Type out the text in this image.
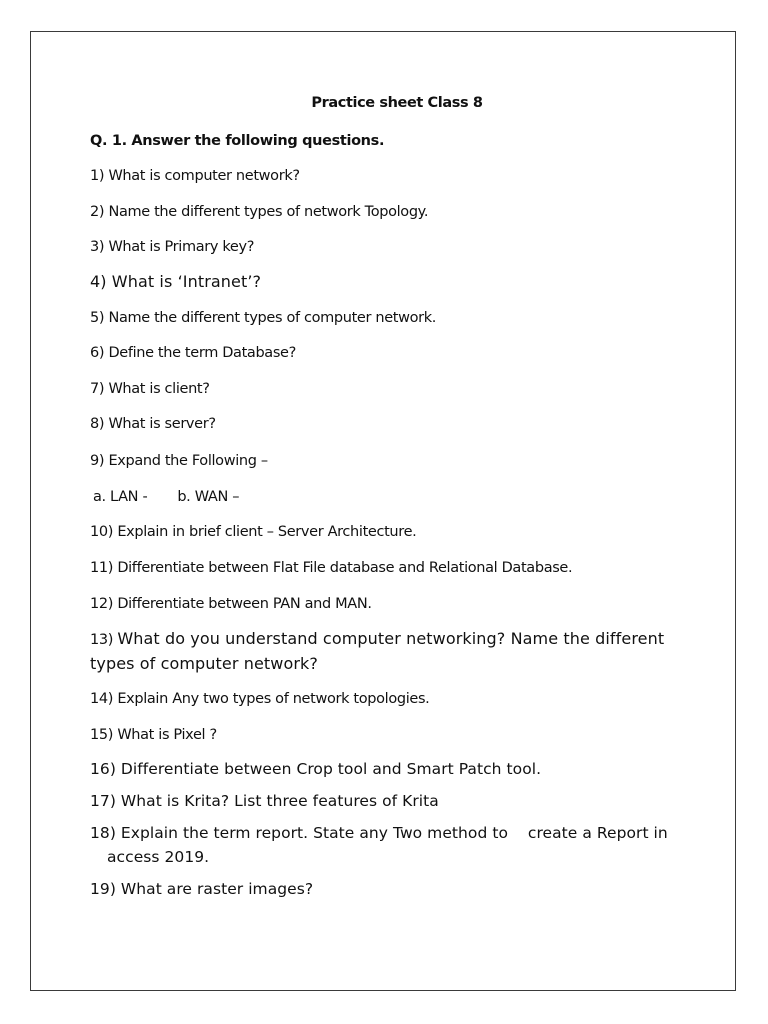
Practice sheet Class 8
Q. 1. Answer the following questions.
1) What is computer network?
2) Name the different types of network Topology.
3) What is Primary key?
4) What is ‘Intranet’?
5) Name the different types of computer network.
6) Define the term Database?
7) What is client?
8) What is server?
9) Expand the Following –
a. LAN - b. WAN –
10) Explain in brief client – Server Architecture.
11) Differentiate between Flat File database and Relational Database.
12) Differentiate between PAN and MAN.
13) What do you understand computer networking? Name the different types of computer network?
14) Explain Any two types of network topologies.
15) What is Pixel ?
16) Differentiate between Crop tool and Smart Patch tool.
17) What is Krita? List three features of Krita
18) Explain the term report. State any Two method to    create a Report in
access 2019.
19) What are raster images?
